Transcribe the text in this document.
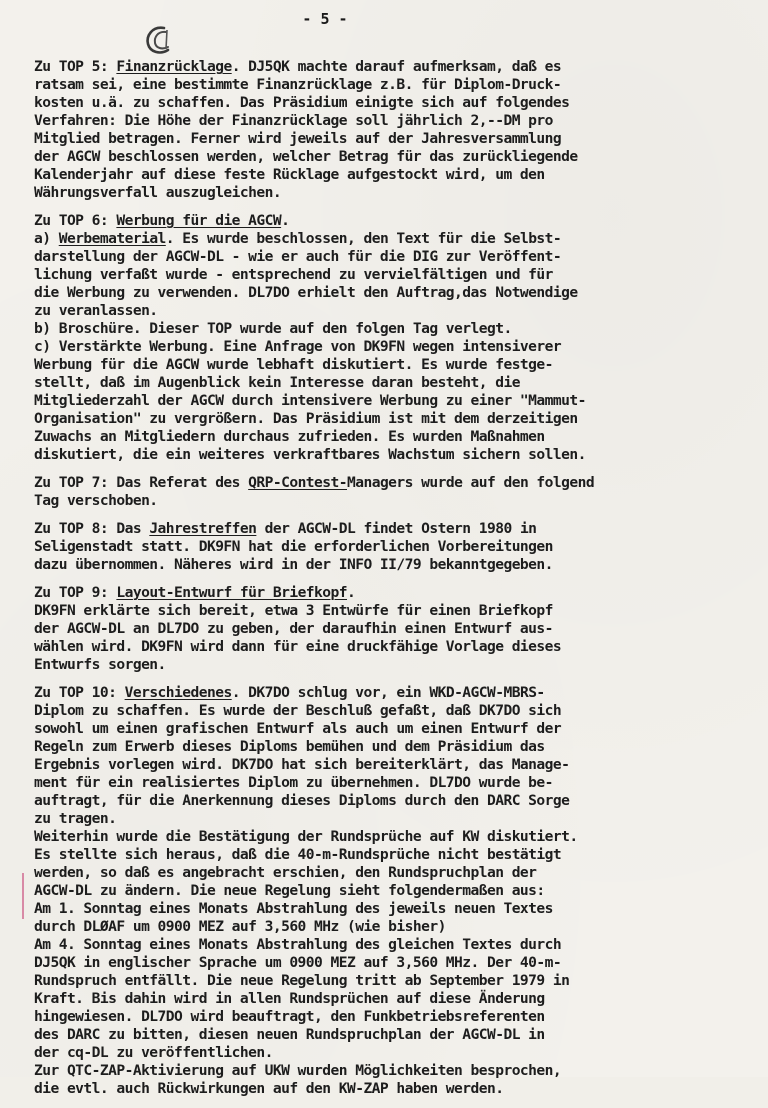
- 5 -
Zu TOP 5: Finanzrücklage. DJ5QK machte darauf aufmerksam, daß es
ratsam sei, eine bestimmte Finanzrücklage z.B. für Diplom-Druck-
kosten u.ä. zu schaffen. Das Präsidium einigte sich auf folgendes
Verfahren: Die Höhe der Finanzrücklage soll jährlich 2,--DM pro
Mitglied betragen. Ferner wird jeweils auf der Jahresversammlung
der AGCW beschlossen werden, welcher Betrag für das zurückliegende
Kalenderjahr auf diese feste Rücklage aufgestockt wird, um den
Währungsverfall auszugleichen.
Zu TOP 6: Werbung für die AGCW.
a) Werbematerial. Es wurde beschlossen, den Text für die Selbst-
darstellung der AGCW-DL - wie er auch für die DIG zur Veröffent-
lichung verfaßt wurde - entsprechend zu vervielfältigen und für
die Werbung zu verwenden. DL7DO erhielt den Auftrag,das Notwendige
zu veranlassen.
b) Broschüre. Dieser TOP wurde auf den folgen Tag verlegt.
c) Verstärkte Werbung. Eine Anfrage von DK9FN wegen intensiverer
Werbung für die AGCW wurde lebhaft diskutiert. Es wurde festge-
stellt, daß im Augenblick kein Interesse daran besteht, die
Mitgliederzahl der AGCW durch intensivere Werbung zu einer "Mammut-
Organisation" zu vergrößern. Das Präsidium ist mit dem derzeitigen
Zuwachs an Mitgliedern durchaus zufrieden. Es wurden Maßnahmen
diskutiert, die ein weiteres verkraftbares Wachstum sichern sollen.
Zu TOP 7: Das Referat des QRP-Contest-Managers wurde auf den folgend
Tag verschoben.
Zu TOP 8: Das Jahrestreffen der AGCW-DL findet Ostern 1980 in
Seligenstadt statt. DK9FN hat die erforderlichen Vorbereitungen
dazu übernommen. Näheres wird in der INFO II/79 bekanntgegeben.
Zu TOP 9: Layout-Entwurf für Briefkopf.
DK9FN erklärte sich bereit, etwa 3 Entwürfe für einen Briefkopf
der AGCW-DL an DL7DO zu geben, der daraufhin einen Entwurf aus-
wählen wird. DK9FN wird dann für eine druckfähige Vorlage dieses
Entwurfs sorgen.
Zu TOP 10: Verschiedenes. DK7DO schlug vor, ein WKD-AGCW-MBRS-
Diplom zu schaffen. Es wurde der Beschluß gefaßt, daß DK7DO sich
sowohl um einen grafischen Entwurf als auch um einen Entwurf der
Regeln zum Erwerb dieses Diploms bemühen und dem Präsidium das
Ergebnis vorlegen wird. DK7DO hat sich bereiterklärt, das Manage-
ment für ein realisiertes Diplom zu übernehmen. DL7DO wurde be-
auftragt, für die Anerkennung dieses Diploms durch den DARC Sorge
zu tragen.
Weiterhin wurde die Bestätigung der Rundsprüche auf KW diskutiert.
Es stellte sich heraus, daß die 40-m-Rundsprüche nicht bestätigt
werden, so daß es angebracht erschien, den Rundspruchplan der
AGCW-DL zu ändern. Die neue Regelung sieht folgendermaßen aus:
Am 1. Sonntag eines Monats Abstrahlung des jeweils neuen Textes
durch DLØAF um 0900 MEZ auf 3,560 MHz (wie bisher)
Am 4. Sonntag eines Monats Abstrahlung des gleichen Textes durch
DJ5QK in englischer Sprache um 0900 MEZ auf 3,560 MHz. Der 40-m-
Rundspruch entfällt. Die neue Regelung tritt ab September 1979 in
Kraft. Bis dahin wird in allen Rundsprüchen auf diese Änderung
hingewiesen. DL7DO wird beauftragt, den Funkbetriebsreferenten
des DARC zu bitten, diesen neuen Rundspruchplan der AGCW-DL in
der cq-DL zu veröffentlichen.
Zur QTC-ZAP-Aktivierung auf UKW wurden Möglichkeiten besprochen,
die evtl. auch Rückwirkungen auf den KW-ZAP haben werden.
